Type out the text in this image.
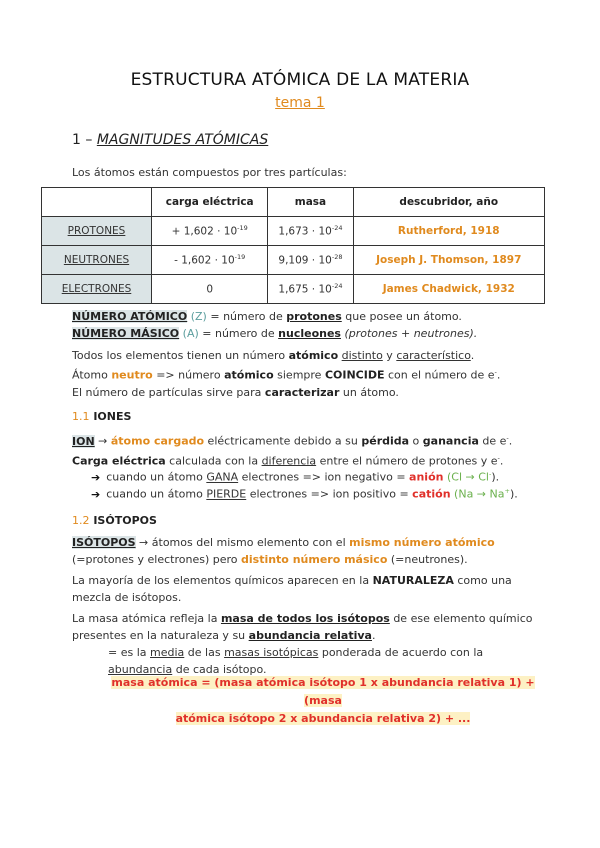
ESTRUCTURA ATÓMICA DE LA MATERIA
tema 1
1 – MAGNITUDES ATÓMICAS
Los átomos están compuestos por tres partículas:
	carga eléctrica	masa	descubridor, año
PROTONES	+ $1,602 \cdot 10^{-19}$	$1,673 \cdot 10^{-24}$	Rutherford, 1918
NEUTRONES	- $1,602 \cdot 10^{-19}$	$9,109 \cdot 10^{-28}$	Joseph J. Thomson, 1897
ELECTRONES	0	$1,675 \cdot 10^{-24}$	James Chadwick, 1932
NÚMERO ATÓMICO (Z) = número de protones que posee un átomo.
NÚMERO MÁSICO (A) = número de nucleones (protones + neutrones).
Todos los elementos tienen un número atómico distinto y característico.
Átomo neutro => número atómico siempre COINCIDE con el número de e-.
El número de partículas sirve para caracterizar un átomo.
1.1 IONES
ION → átomo cargado eléctricamente debido a su pérdida o ganancia de e-.
Carga eléctrica calculada con la diferencia entre el número de protones y e-.
➔ cuando un átomo GANA electrones => ion negativo = anión (Cl → Cl-).
➔ cuando un átomo PIERDE electrones => ion positivo = catión (Na → Na+).
1.2 ISÓTOPOS
ISÓTOPOS → átomos del mismo elemento con el mismo número atómico
(=protones y electrones) pero distinto número másico (=neutrones).
La mayoría de los elementos químicos aparecen en la NATURALEZA como una
mezcla de isótopos.
La masa atómica refleja la masa de todos los isótopos de ese elemento químico
presentes en la naturaleza y su abundancia relativa.
= es la media de las masas isotópicas ponderada de acuerdo con la
abundancia de cada isótopo.
masa atómica = (masa atómica isótopo 1 x abundancia relativa 1) + (masa
atómica isótopo 2 x abundancia relativa 2) + ...
